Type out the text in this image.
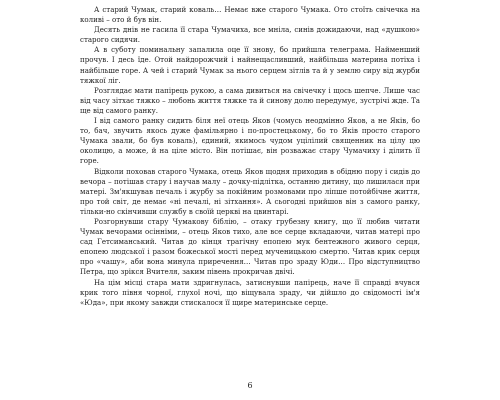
А старий Чумак, старий коваль… Немає вже старого Чумака. Ото стоїть свічечка на коливі – ото й був він.

Десять днів не гасила її стара Чумачиха, все мніла, синів дожидаючи, над «душкою» старого сидячи.

А в суботу поминальну запалила оце її знову, бо прийшла телеграма. Найменший прочув. І десь їде. Отой найдорожчий і найнещасливший, найбільша материна потіха і найбільше горе. А чей і старий Чумак за нього серцем зітлів та й у землю сиру від журби тяжкої ліг.

Розглядає мати папірець рукою, а сама дивиться на свічечку і щось шепче. Лише час від часу зітхає тяжко – любонь життя тяжке та й синову долю передумує, зустрічі жде. Та ще від самого ранку.

І від самого ранку сидить біля неї отець Яков (чомусь неодмінно Яков, а не Яків, бо то, бач, звучить якось дуже фамільярно і по-простецькому, бо то Яків просто старого Чумака звали, бо був коваль), єдиний, якимось чудом уцілілий священник на цілу цю околицю, а може, й на ціле місто. Він потішає, він розважає стару Чумачиху і ділить її горе.

Відколи поховав старого Чумака, отець Яков щодня приходив в обідню пору і сидів до вечора – потішав стару і научав малу – дочку-підлітка, останню дитину, що лишилася при матері. Зм'якшував печаль і журбу за покійним розмовами про ліпше потойбічне життя, про той світ, де немає «ні печалі, ні зітхання». А сьогодні прийшов він з самого ранку, тільки-но скінчивши службу в своїй церкві на цвинтарі.

Розгорнувши стару Чумакову біблію, – отаку грубезну книгу, що її любив читати Чумак вечорами осінніми, – отець Яков тихо, але все серце вкладаючи, читав матері про сад Гетсиманський. Читав до кінця трагічну епопею мук бентежного живого серця, епопею людської і разом божеської мості перед мученицькою смертю. Читав крик серця про «чашу», аби вона минула приречення… Читав про зраду Юди… Про відступництво Петра, що зрікся Вчителя, заким півень прокричав двічі.

На цім місці стара мати здригнулась, затиснувши папірець, наче її справді вчувся крик того півня чорної, глухої ночі, що віщувала зраду, чи дійшло до свідомості ім'я «Юда», при якому завжди стискалося її щире материнське серце.

6
